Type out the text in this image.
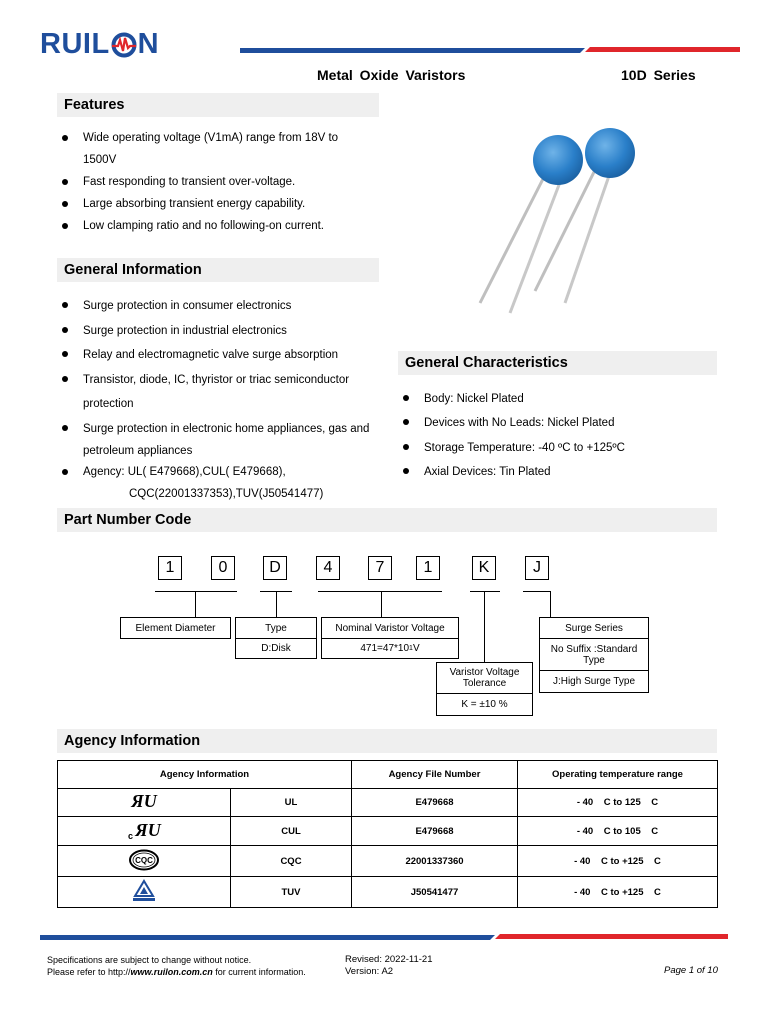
RUIL N
Metal Oxide Varistors	10D Series
Features
Wide operating voltage (V1mA) range from 18V to
1500V
Fast responding to transient over-voltage.
Large absorbing transient energy capability.
Low clamping ratio and no following-on current.
General Information
Surge protection in consumer electronics
Surge protection in industrial electronics
Relay and electromagnetic valve surge absorption
Transistor, diode, IC, thyristor or triac semiconductor
protection
Surge protection in electronic home appliances, gas and
petroleum appliances
Agency: UL( E479668),CUL( E479668),
CQC(22001337353),TUV(J50541477)
General Characteristics
Body: Nickel Plated
Devices with No Leads: Nickel Plated
Storage Temperature: -40 ºC to +125ºC
Axial Devices: Tin Plated
Part Number Code
1	0	D	4	7	1	K	J
Element Diameter	Type
D:Disk
Nominal Varistor Voltage
471=47*10 1 V
Varistor Voltage Tolerance
K = ±10 %
Surge Series
No Suffix :Standard Type
J:High Surge Type
Agency Information
Agency Information		Agency File Number	Operating temperature range

ЯU	UL	E479668	- 40    C to 125    C

c ЯU	CUL	E479668	- 40    C to 105    C

CQC	CQC	22001337360	- 40    C to +125    C
	TUV	J50541477	- 40    C to +125    C
Specifications are subject to change without notice.
Please refer to http://www.ruilon.com.cn for current information.
Revised: 2022-11-21
Version: A2	Page 1 of 10
